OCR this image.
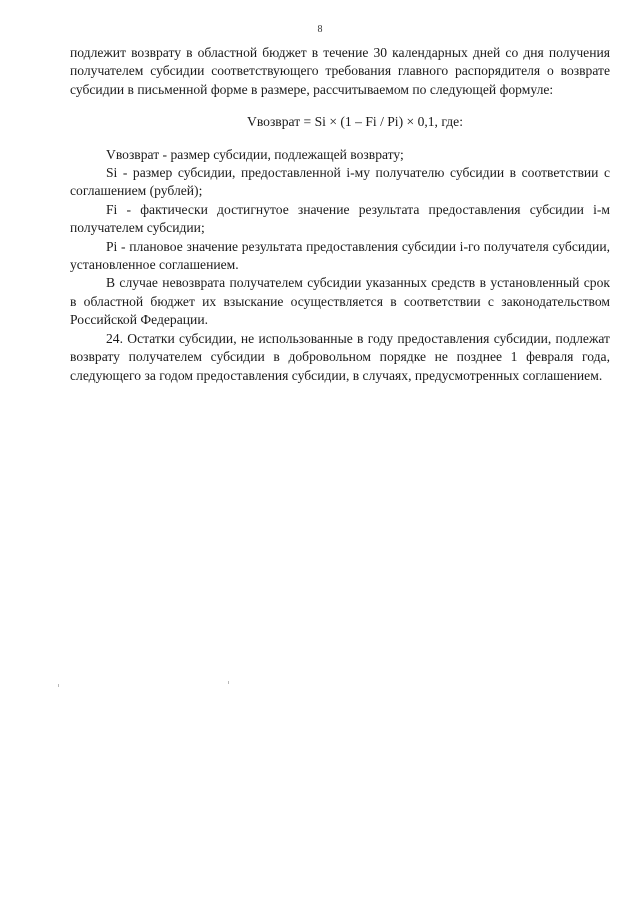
8

подлежит возврату в областной бюджет в течение 30 календарных дней со дня получения получателем субсидии соответствующего требования главного распорядителя о возврате субсидии в письменной форме в размере, рассчитываемом по следующей формуле:

Vвозврат = Si × (1 – Fi / Pi) × 0,1, где:

Vвозврат - размер субсидии, подлежащей возврату;

Si - размер субсидии, предоставленной i-му получателю субсидии в соответствии с соглашением (рублей);

Fi - фактически достигнутое значение результата предоставления субсидии i-м получателем субсидии;

Pi - плановое значение результата предоставления субсидии i-го получателя субсидии, установленное соглашением.

В случае невозврата получателем субсидии указанных средств в установленный срок в областной бюджет их взыскание осуществляется в соответствии с законодательством Российской Федерации.

24. Остатки субсидии, не использованные в году предоставления субсидии, подлежат возврату получателем субсидии в добровольном порядке не позднее 1 февраля года, следующего за годом предоставления субсидии, в случаях, предусмотренных соглашением.
